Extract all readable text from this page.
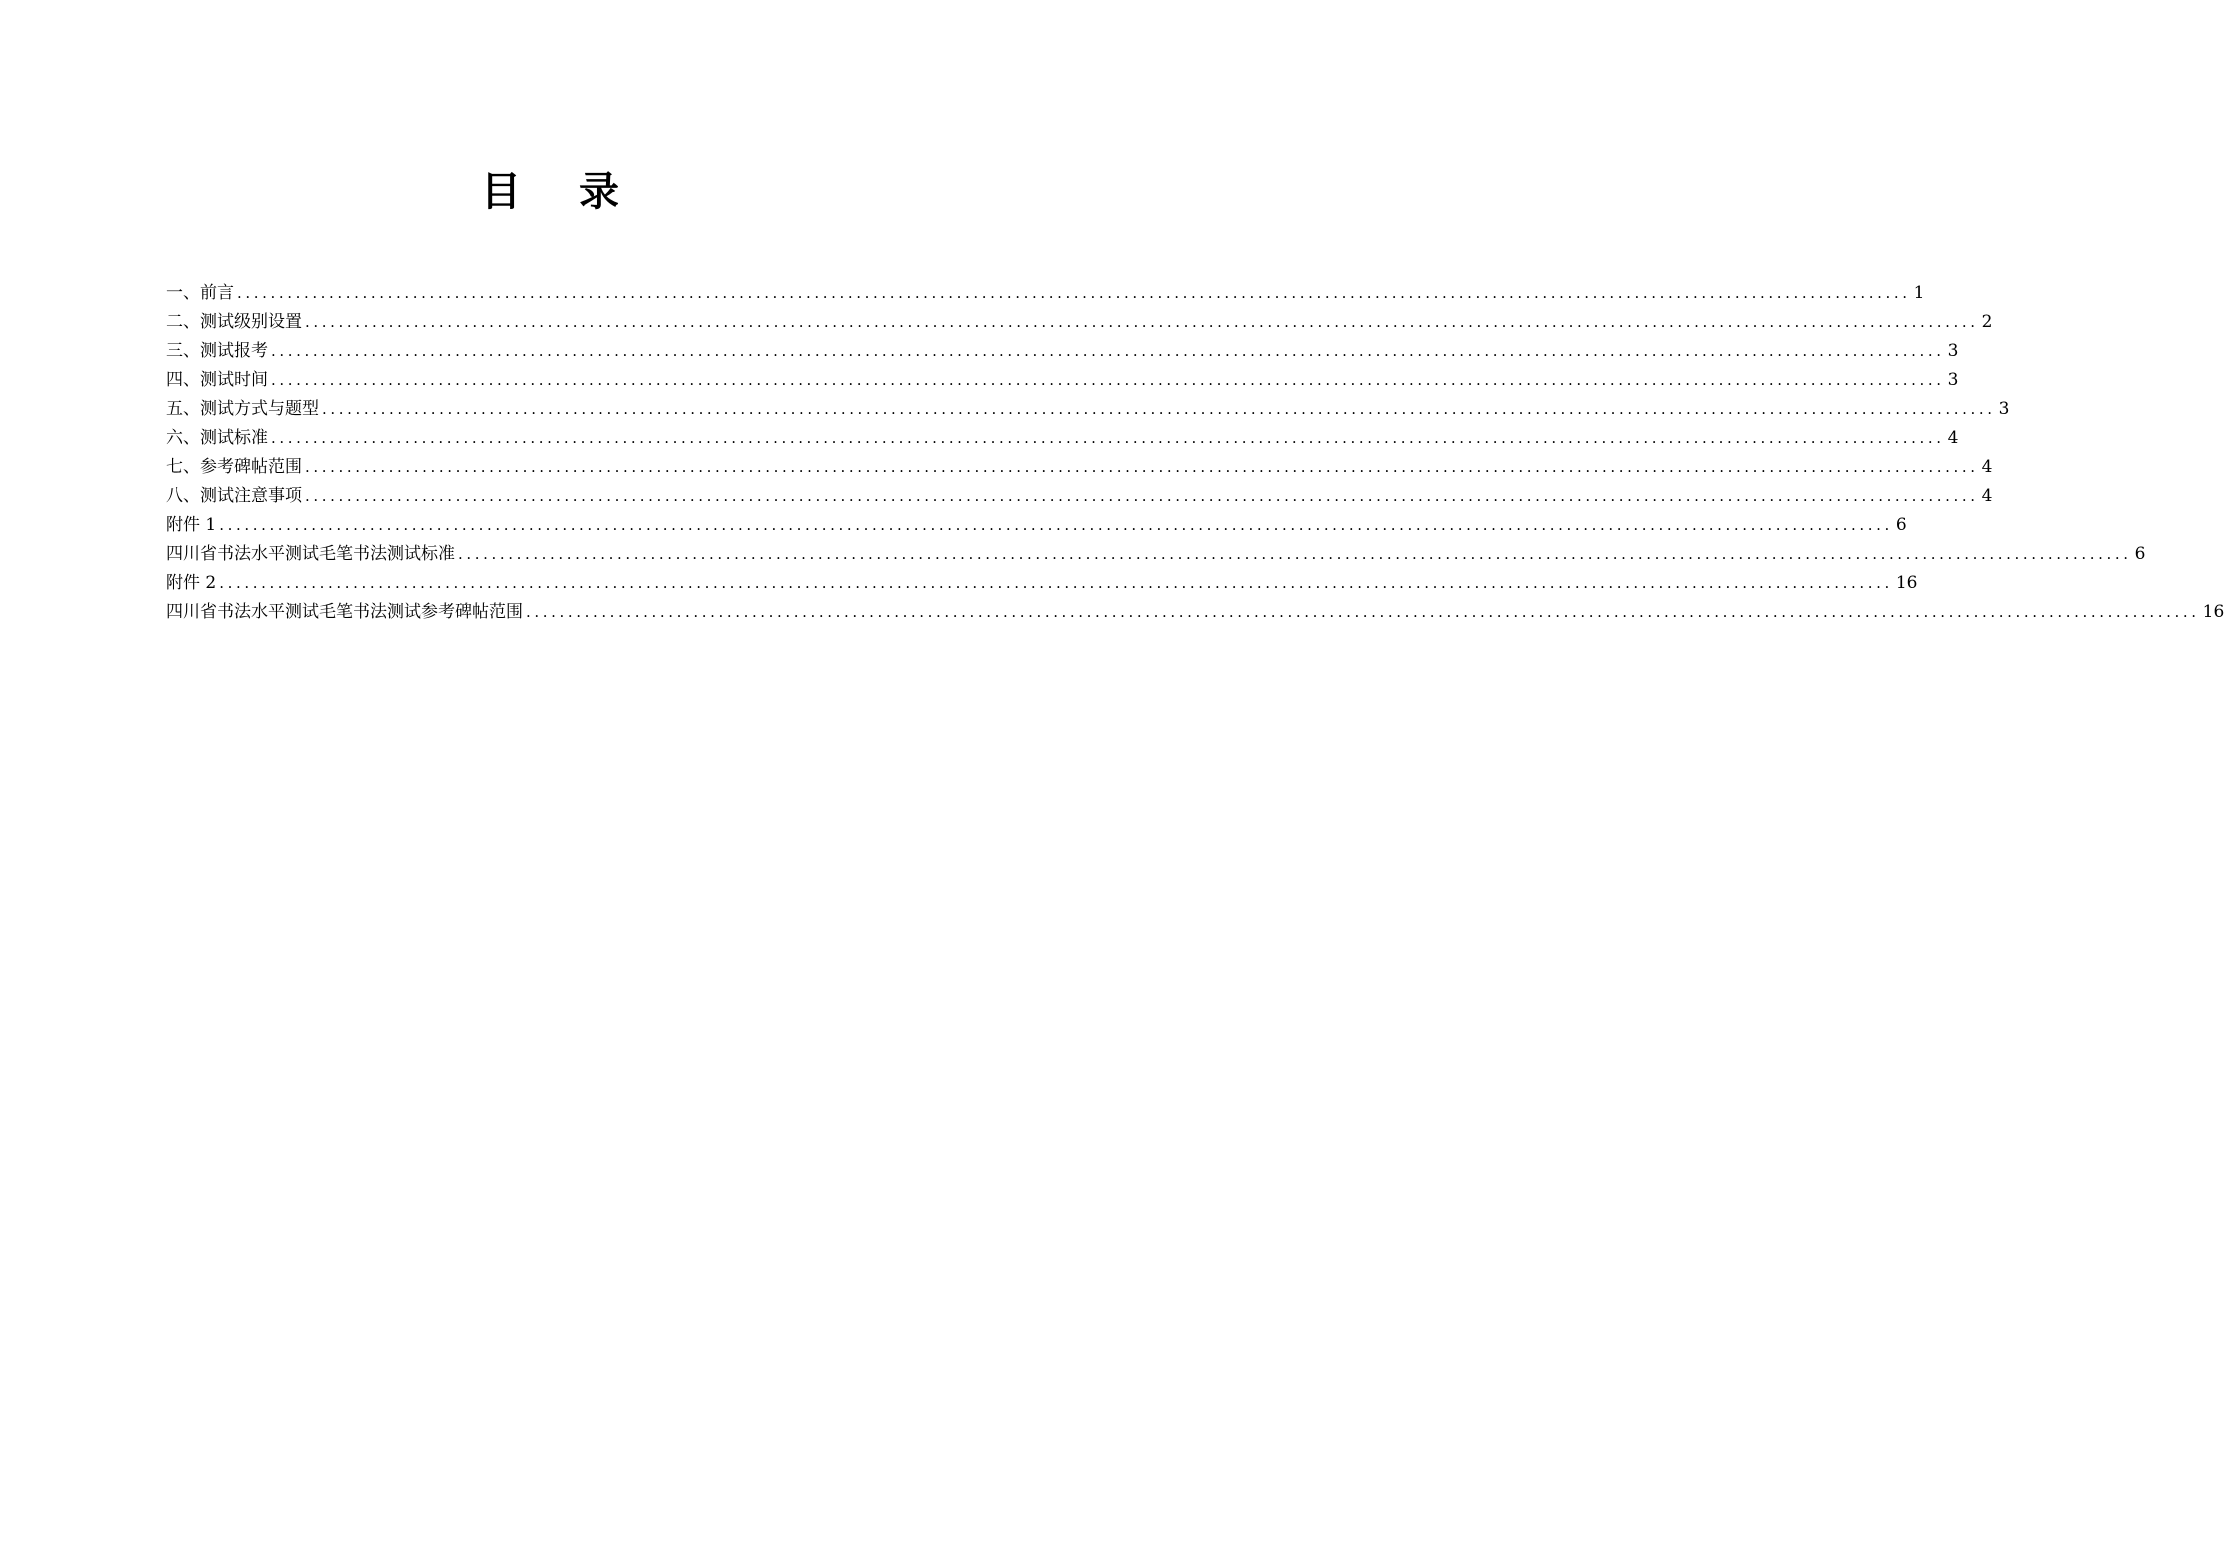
目 录
一、前言 ........................................................................................................................................................................................................ 1
二、测试级别设置 ........................................................................................................................................................................................................ 2
三、测试报考 ........................................................................................................................................................................................................ 3
四、测试时间 ........................................................................................................................................................................................................ 3
五、测试方式与题型 ........................................................................................................................................................................................................ 3
六、测试标准 ........................................................................................................................................................................................................ 4
七、参考碑帖范围 ........................................................................................................................................................................................................ 4
八、测试注意事项 ........................................................................................................................................................................................................ 4
附件 1 ........................................................................................................................................................................................................ 6
四川省书法水平测试毛笔书法测试标准 ........................................................................................................................................................................................................ 6
附件 2 ........................................................................................................................................................................................................ 16
四川省书法水平测试毛笔书法测试参考碑帖范围 ........................................................................................................................................................................................................ 16
